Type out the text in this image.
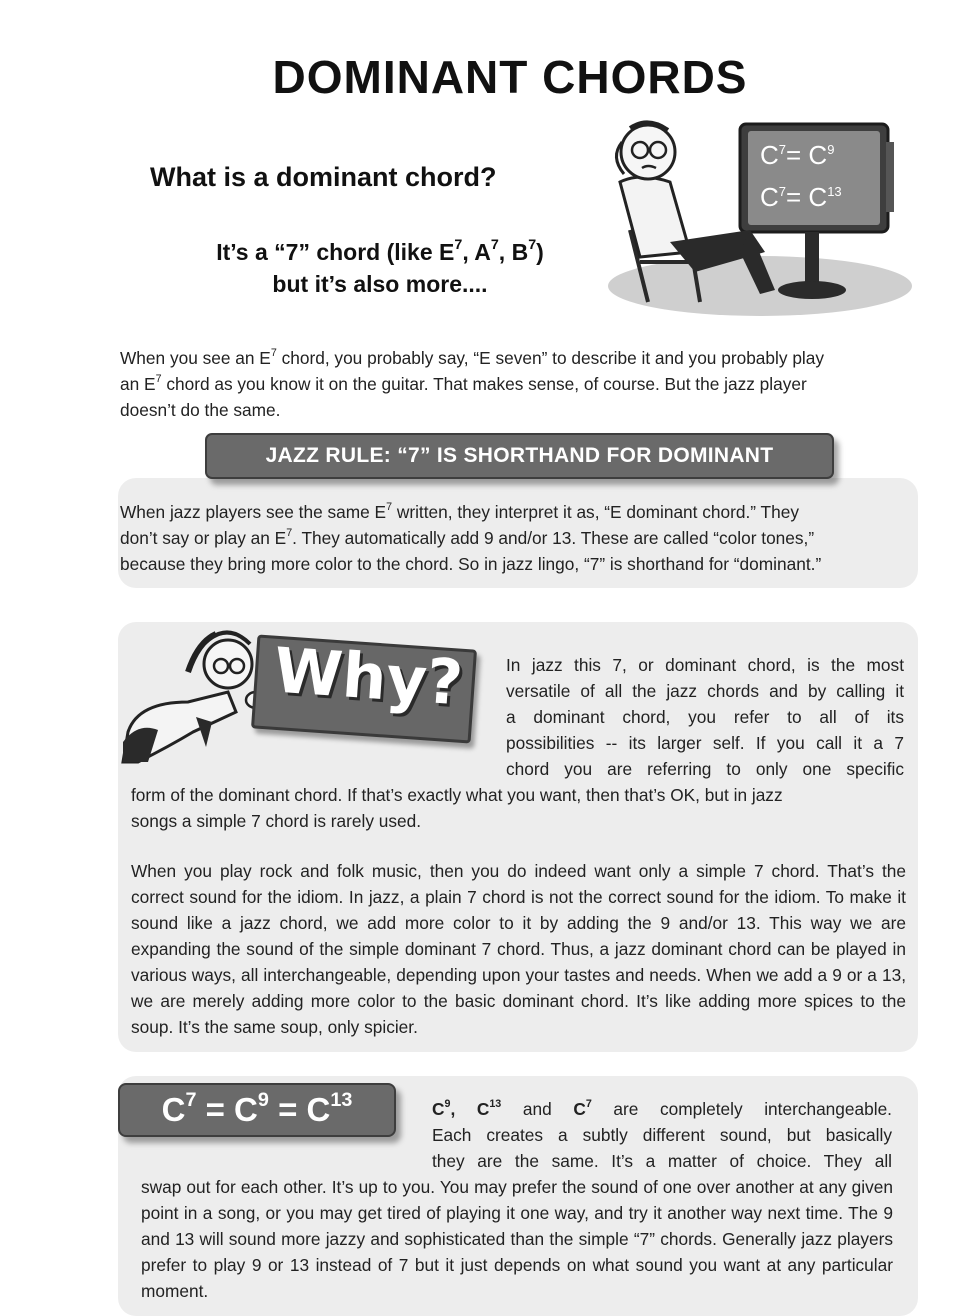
DOMINANT CHORDS
What is a dominant chord?
It’s a “7” chord (like $E^7$, $A^7$, $B^7$)
but it’s also more....
$C^7= C^9$
$C^7= C^{13}$
When you see an $E^7$ chord, you probably say, “E seven” to describe it and you probably play
an $E^7$ chord as you know it on the guitar. That makes sense, of course. But the jazz player
doesn’t do the same.
JAZZ RULE: “7” IS SHORTHAND FOR DOMINANT
When jazz players see the same $E^7$ written, they interpret it as, “E dominant chord.” They
don’t say or play an $E^7$. They automatically add 9 and/or 13. These are called “color tones,”
because they bring more color to the chord. So in jazz lingo, “7” is shorthand for “dominant.”
Why? In jazz this 7, or dominant chord, is the most
versatile of all the jazz chords and by calling it
a dominant chord, you refer to all of its
possibilities -- its larger self. If you call it a 7
chord you are referring to only one specific
form of the dominant chord. If that’s exactly what you want, then that’s OK, but in jazz
songs a simple 7 chord is rarely used.
When you play rock and folk music, then you do indeed want only a simple 7 chord. That’s the correct sound for the idiom. In jazz, a plain 7 chord is not the correct sound for the idiom. To make it sound like a jazz chord, we add more color to it by adding the 9 and/or 13. This way we are expanding the sound of the simple dominant 7 chord. Thus, a jazz dominant chord can be played in various ways, all interchangeable, depending upon your tastes and needs. When we add a 9 or a 13, we are merely adding more color to the basic dominant chord. It’s like adding more spices to the soup. It’s the same soup, only spicier.
$C^7 = C^9 = C^{13}$	$C^9$, $C^{13}$ and $C^7$ are completely interchangeable.
Each creates a subtly different sound, but basically
they are the same. It’s a matter of choice. They all
swap out for each other. It’s up to you. You may prefer the sound of one over another at any given point in a song, or you may get tired of playing it one way, and try it another way next time. The 9 and 13 will sound more jazzy and sophisticated than the simple “7” chords. Generally jazz players prefer to play 9 or 13 instead of 7 but it just depends on what sound you want at any particular moment.
